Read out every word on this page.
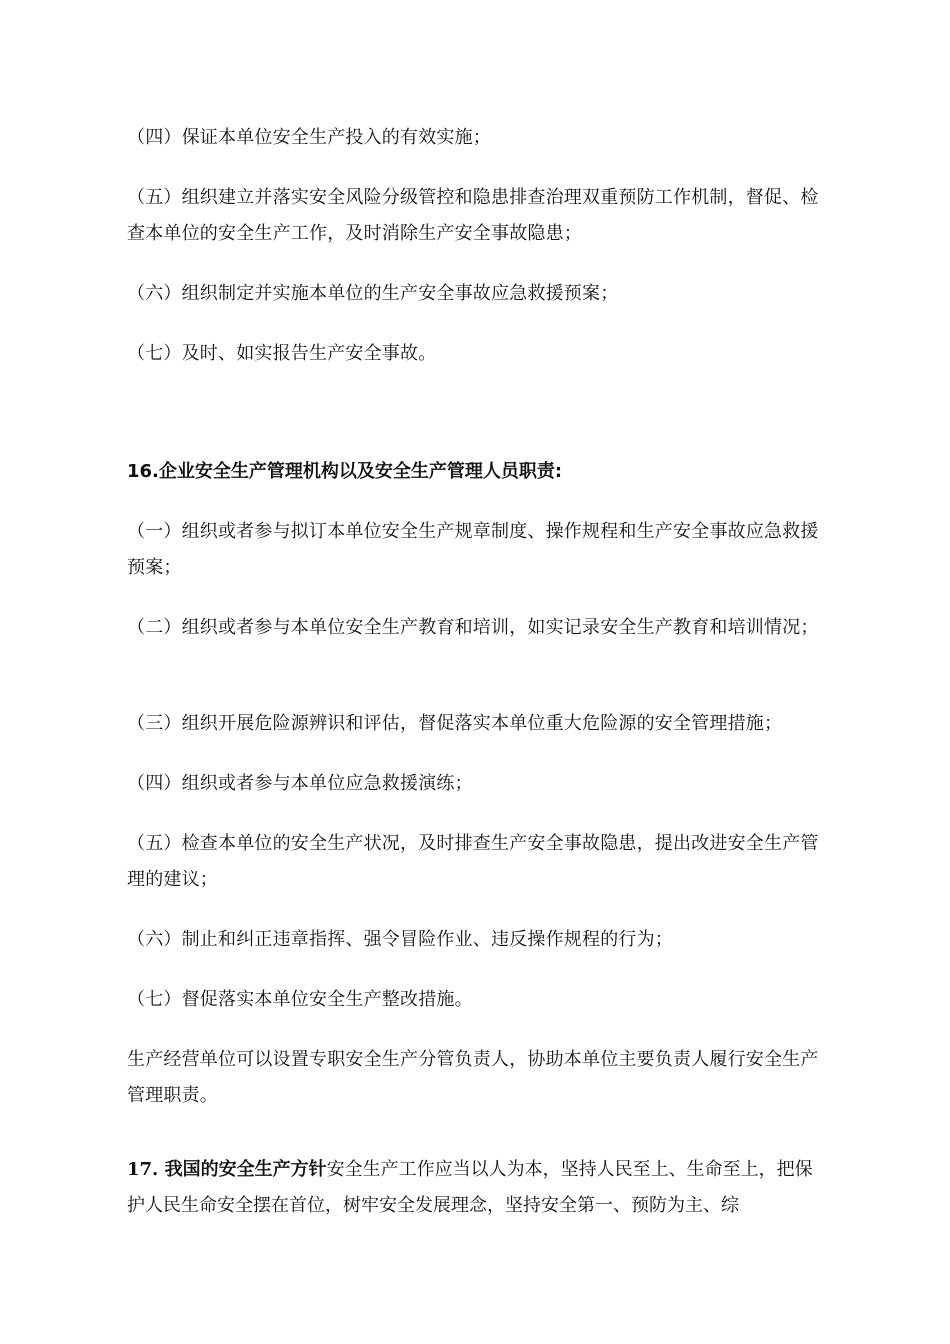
（四）保证本单位安全生产投入的有效实施；

（五）组织建立并落实安全风险分级管控和隐患排查治理双重预防工作机制，督促、检查本单位的安全生产工作，及时消除生产安全事故隐患；

（六）组织制定并实施本单位的生产安全事故应急救援预案；

（七）及时、如实报告生产安全事故。

16.企业安全生产管理机构以及安全生产管理人员职责:

（一）组织或者参与拟订本单位安全生产规章制度、操作规程和生产安全事故应急救援预案；

（二）组织或者参与本单位安全生产教育和培训，如实记录安全生产教育和培训情况；

（三）组织开展危险源辨识和评估，督促落实本单位重大危险源的安全管理措施；

（四）组织或者参与本单位应急救援演练；

（五）检查本单位的安全生产状况，及时排查生产安全事故隐患，提出改进安全生产管理的建议；

（六）制止和纠正违章指挥、强令冒险作业、违反操作规程的行为；

（七）督促落实本单位安全生产整改措施。

生产经营单位可以设置专职安全生产分管负责人，协助本单位主要负责人履行安全生产管理职责。

17. 我国的安全生产方针安全生产工作应当以人为本，坚持人民至上、生命至上，把保护人民生命安全摆在首位，树牢安全发展理念，坚持安全第一、预防为主、综
